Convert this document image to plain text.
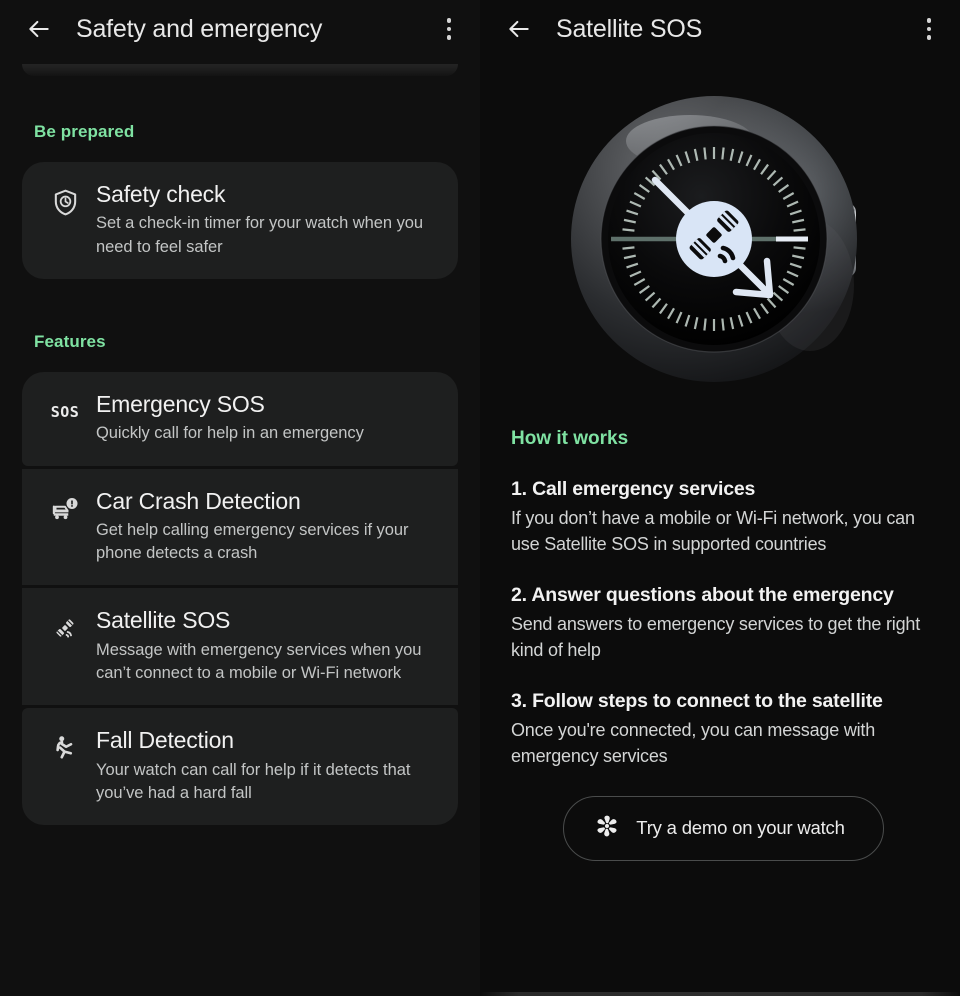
Safety and emergency
Be prepared
Safety check
Set a check-in timer for your watch when you need to feel safer
Features
SOS Emergency SOS
Quickly call for help in an emergency
Car Crash Detection
Get help calling emergency services if your phone detects a crash
Satellite SOS
Message with emergency services when you can’t connect to a mobile or Wi-Fi network
Fall Detection
Your watch can call for help if it detects that you’ve had a hard fall
Satellite SOS
How it works
1. Call emergency services
If you don’t have a mobile or Wi-Fi network, you can use Satellite SOS in supported countries
2. Answer questions about the emergency
Send answers to emergency services to get the right kind of help
3. Follow steps to connect to the satellite
Once you're connected, you can message with emergency services
Try a demo on your watch
